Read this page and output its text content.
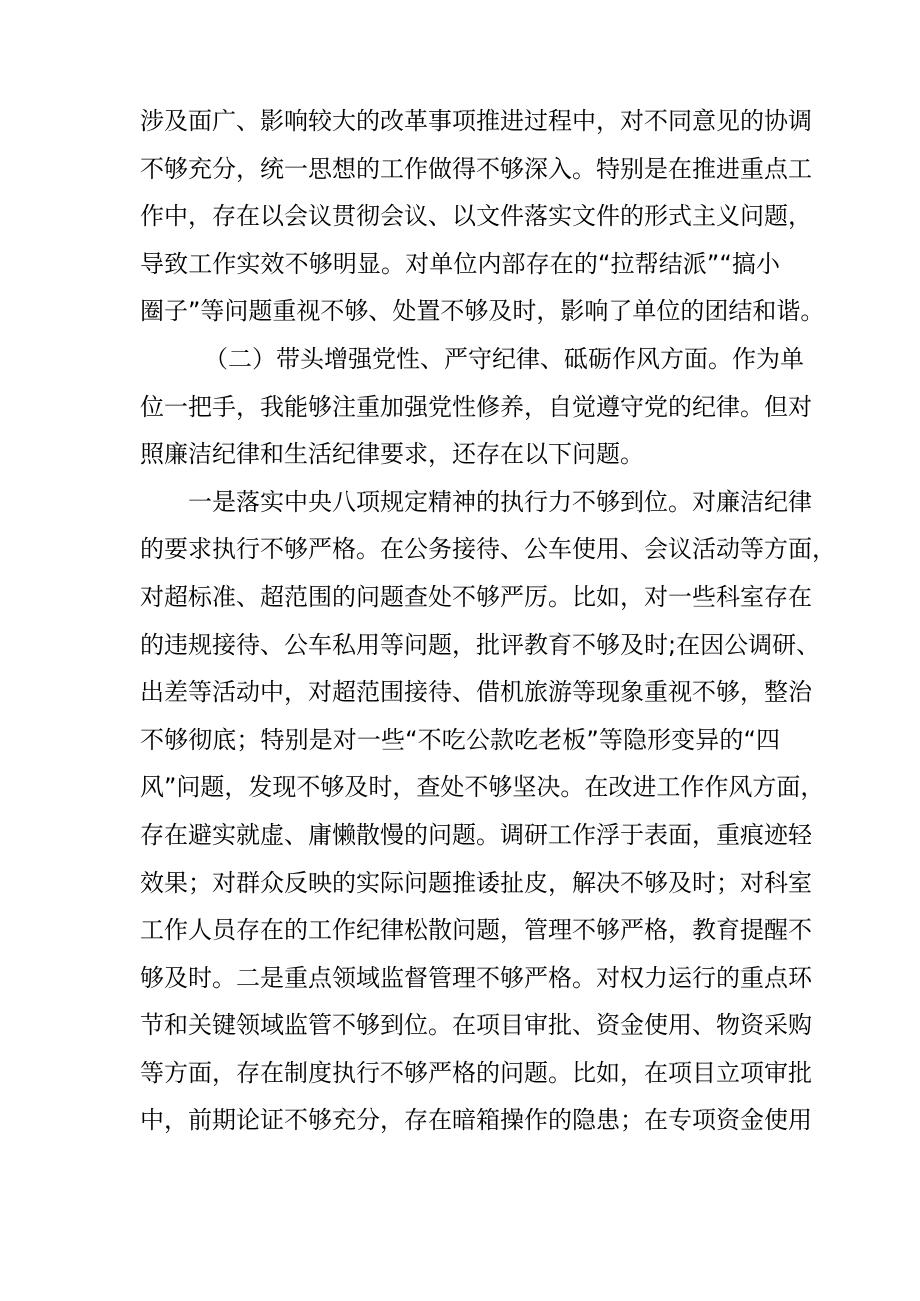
涉及面广、影响较大的改革事项推进过程中，对不同意见的协调
不够充分，统一思想的工作做得不够深入。特别是在推进重点工
作中，存在以会议贯彻会议、以文件落实文件的形式主义问题，
导致工作实效不够明显。对单位内部存在的“拉帮结派”“搞小
圈子”等问题重视不够、处置不够及时，影响了单位的团结和谐。
（二）带头增强党性、严守纪律、砥砺作风方面。作为单
位一把手，我能够注重加强党性修养，自觉遵守党的纪律。但对
照廉洁纪律和生活纪律要求，还存在以下问题。
一是落实中央八项规定精神的执行力不够到位。对廉洁纪律
的要求执行不够严格。在公务接待、公车使用、会议活动等方面，
对超标准、超范围的问题查处不够严厉。比如，对一些科室存在
的违规接待、公车私用等问题，批评教育不够及时;在因公调研、
出差等活动中，对超范围接待、借机旅游等现象重视不够，整治
不够彻底；特别是对一些“不吃公款吃老板”等隐形变异的“四
风”问题，发现不够及时，查处不够坚决。在改进工作作风方面，
存在避实就虚、庸懒散慢的问题。调研工作浮于表面，重痕迹轻
效果；对群众反映的实际问题推诿扯皮，解决不够及时；对科室
工作人员存在的工作纪律松散问题，管理不够严格，教育提醒不
够及时。二是重点领域监督管理不够严格。对权力运行的重点环
节和关键领域监管不够到位。在项目审批、资金使用、物资采购
等方面，存在制度执行不够严格的问题。比如，在项目立项审批
中，前期论证不够充分，存在暗箱操作的隐患；在专项资金使用
